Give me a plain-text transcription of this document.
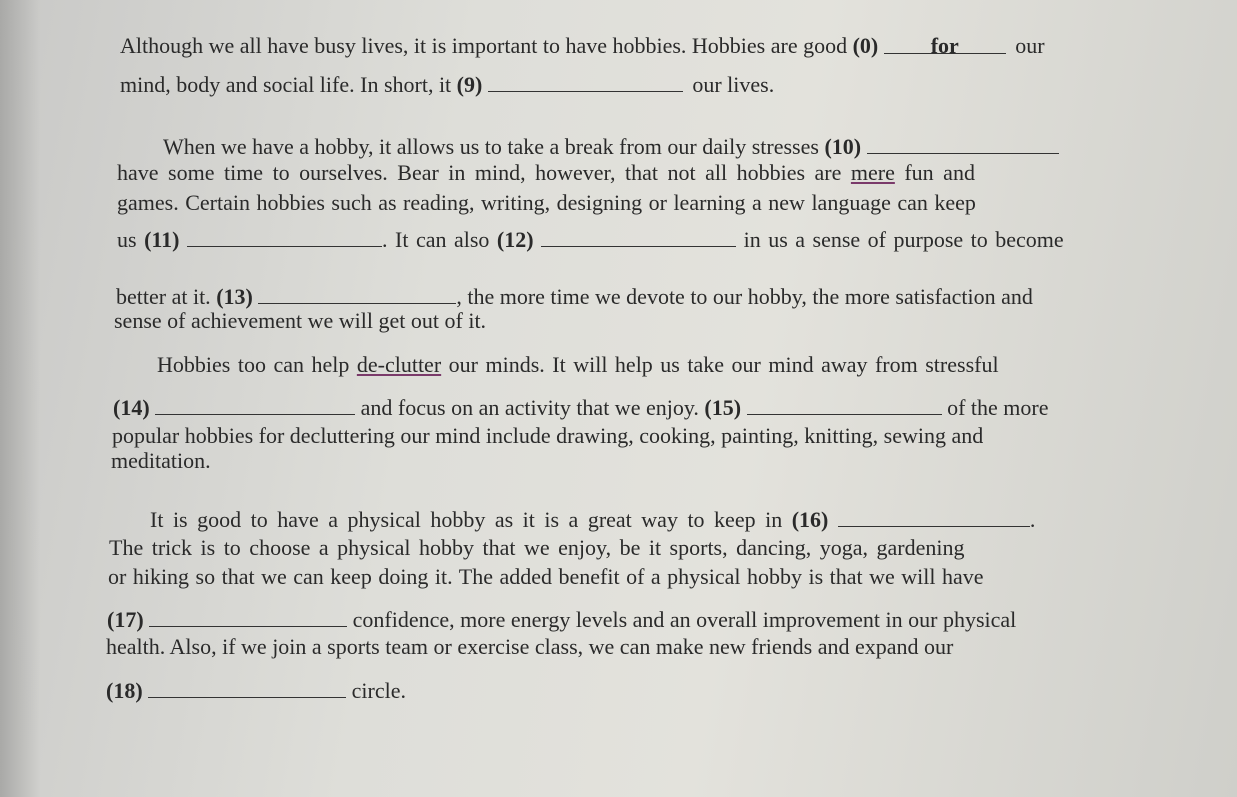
Although we all have busy lives, it is important to have hobbies. Hobbies are good (0) for	our
mind, body and social life. In short, it (9)	our lives.
When we have a hobby, it allows us to take a break from our daily stresses (10)
have some time to ourselves. Bear in mind, however, that not all hobbies are mere fun and
games. Certain hobbies such as reading, writing, designing or learning a new language can keep
us (11)	. It can also (12)	in us a sense of purpose to become
better at it. (13)	, the more time we devote to our hobby, the more satisfaction and
sense of achievement we will get out of it.
Hobbies too can help de-clutter our minds. It will help us take our mind away from stressful
(14)	and focus on an activity that we enjoy. (15)	of the more
popular hobbies for decluttering our mind include drawing, cooking, painting, knitting, sewing and
meditation.
It is good to have a physical hobby as it is a great way to keep in (16)	.
The trick is to choose a physical hobby that we enjoy, be it sports, dancing, yoga, gardening
or hiking so that we can keep doing it. The added benefit of a physical hobby is that we will have
(17)	confidence, more energy levels and an overall improvement in our physical
health. Also, if we join a sports team or exercise class, we can make new friends and expand our
(18)	circle.
